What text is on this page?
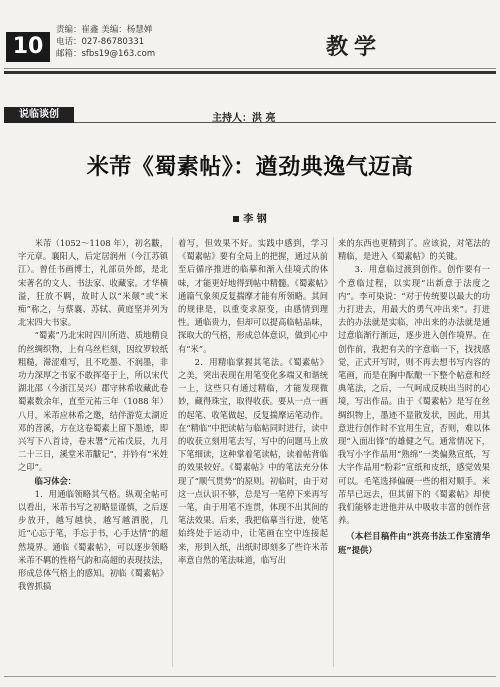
10
责编：崔鑫 美编：杨慧婵
电话：027-86780331
邮箱：sfbs19@163.com	教学
说临谈创	主持人：洪 亮
米芾《蜀素帖》：遒劲典逸气迈高
李 钢

米芾（1052～1108 年），初名黻，字元章。襄阳人，后定居润州（今江苏镇江）。曾任书画博士，礼部员外郎，是北宋著名的文人、书法家、收藏家。才华横溢，狂放不羁，故时人以“米颠”或“米痴”称之，与蔡襄、苏轼、黄庭坚并列为北宋四大书家。

“蜀素”乃北宋时四川所造、质地精良的丝绸织物，上有乌丝栏刻，因纹罗较纸粗糙，滞涩难写，且不吃墨、不润墨，非功力深厚之书家不敢挥毫于上，所以宋代湖北邵（今浙江吴兴）郡守林希收藏此卷蜀素数余年，直至元祐三年（1088 年）八月，米芾应林希之邀，结伴游览太湖近邓的苕溪，方在这卷蜀素上留下墨迹，即兴写下八首诗，卷末署“元祐戊辰，九月二十三日，溪堂米芾黻记”，并钤有“米姓之印”。

临习体会：

1．用通临领略其气格。纵观全帖可以看出，米芾书写之初略显谨慎，之后逐步放开，越写越快，越写越洒脱，几近“心忘于笔，手忘于书，心手达情”的超然境界。通临《蜀素帖》，可以逐步领略米芾不羁的性格气韵和高超的表现技法，形成总体气格上的感知。初临《蜀素帖》我曾抓搞

着写，但效果不好。实践中感到，学习《蜀素帖》要有全局上的把握，通过从前至后循序推进的临摹和渐入佳境式的体味，才能更好地得到帖中精髓。《蜀素帖》通篇气象须反复揣摩才能有所领略。其间的规律是，以重变求原变，由感情到理性。通临贵力，但却可以提高临帖品味，探取大的气格，形成总体意识，做到心中有“米”。

2．用精临掌握其笔法。《蜀素帖》之美，突出表现在用笔变化多端又和谐统一上，这些只有通过精临，才能发现微妙，藏得珠宝，取得收获。要从一点一画的起笔、收笔做起，反复揣摩运笔动作。在“精临”中把读帖与临帖同时进行，读中的收获立刻用笔去写，写中的问题马上放下笔细读，这种掌着笔读帖，读着帖背临的效果较好。《蜀素帖》中的笔法充分体现了“顺气贯势”的原则。初临时，由于对这一点认识不够，总是写一笔停下来再写一笔，由于用笔不连贯，体现不出其间的笔法效果。后来，我把临摹当行进，使笔始终处于运动中，让笔画在空中连接起来，形到入纸，出纸时即刻多了些许米芾率意自然的笔法味道，临写出

来的东西也更精到了。应该说，对笔法的精临，是进入《蜀素帖》的关键。

3．用意临过渡到创作。创作要有一个意临过程，以实现“出新意于法度之内”。李可染说：“对于传统要以最大的功力打进去，用最大的勇气冲出来”。打进去的办法就是实临，冲出来的办法就是通过意临渐行渐远，逐步进入创作境界。在创作前，我把有关的字意临一下，找找感觉，正式开写时，则不再去想书写内容的笔画，而是在胸中酝酿一下整个帖意和经典笔法，之后，一气呵成反映出当时的心境，写出作品。由于《蜀素帖》是写在丝绸织物上，墨迹不显散发状，因此，用其意进行创作时不宜用生宣，否则，难以体现“入面出锋”的雄健之气。通常情况下，我写小字作品用“熟绵”一类偏熟宣纸，写大字作品用“粉彩”宣纸和皮纸，感觉效果可以。毛笔选择偏硬一些的相对顺手。米芾早已远去，但其留下的《蜀素帖》却使我们能够走进他并从中吸收丰富的创作营养。

（本栏目稿件由“洪亮书法工作室清华班”提供）
